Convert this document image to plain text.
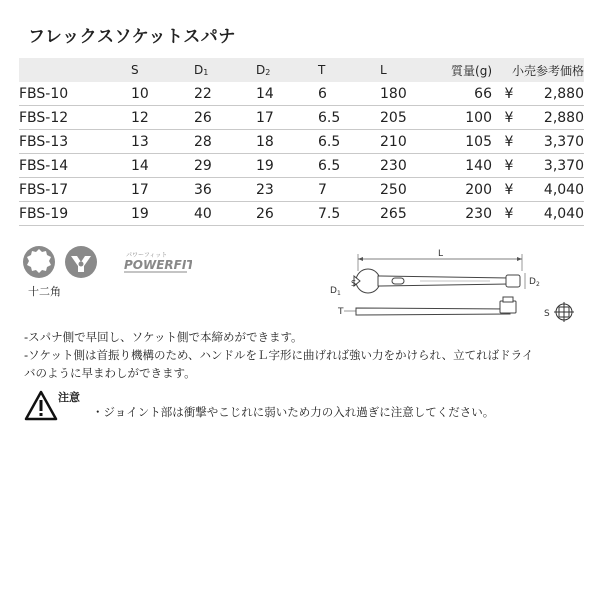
フレックスソケットスパナ
	S	$D_1$	$D_2$	T	L	質量(g)	小売参考価格	
FBS-10	10	22	14	6	180	66	¥	2,880
FBS-12	12	26	17	6.5	205	100	¥	2,880
FBS-13	13	28	18	6.5	210	105	¥	3,370
FBS-14	14	29	19	6.5	230	140	¥	3,370
FBS-17	17	36	23	7	250	200	¥	4,040
FBS-19	19	40	26	7.5	265	230	¥	4,040
パワーフィット
POWERFIT
十二角
L
$D_1$
S	$D_2$
T	S

-スパナ側で早回し、ソケット側で本締めができます。

-ソケット側は首振り機構のため、ハンドルをＬ字形に曲げれば強い力をかけられ、立てればドライ

バのように早まわしができます。

注意
・ジョイント部は衝撃やこじれに弱いため力の入れ過ぎに注意してください。
